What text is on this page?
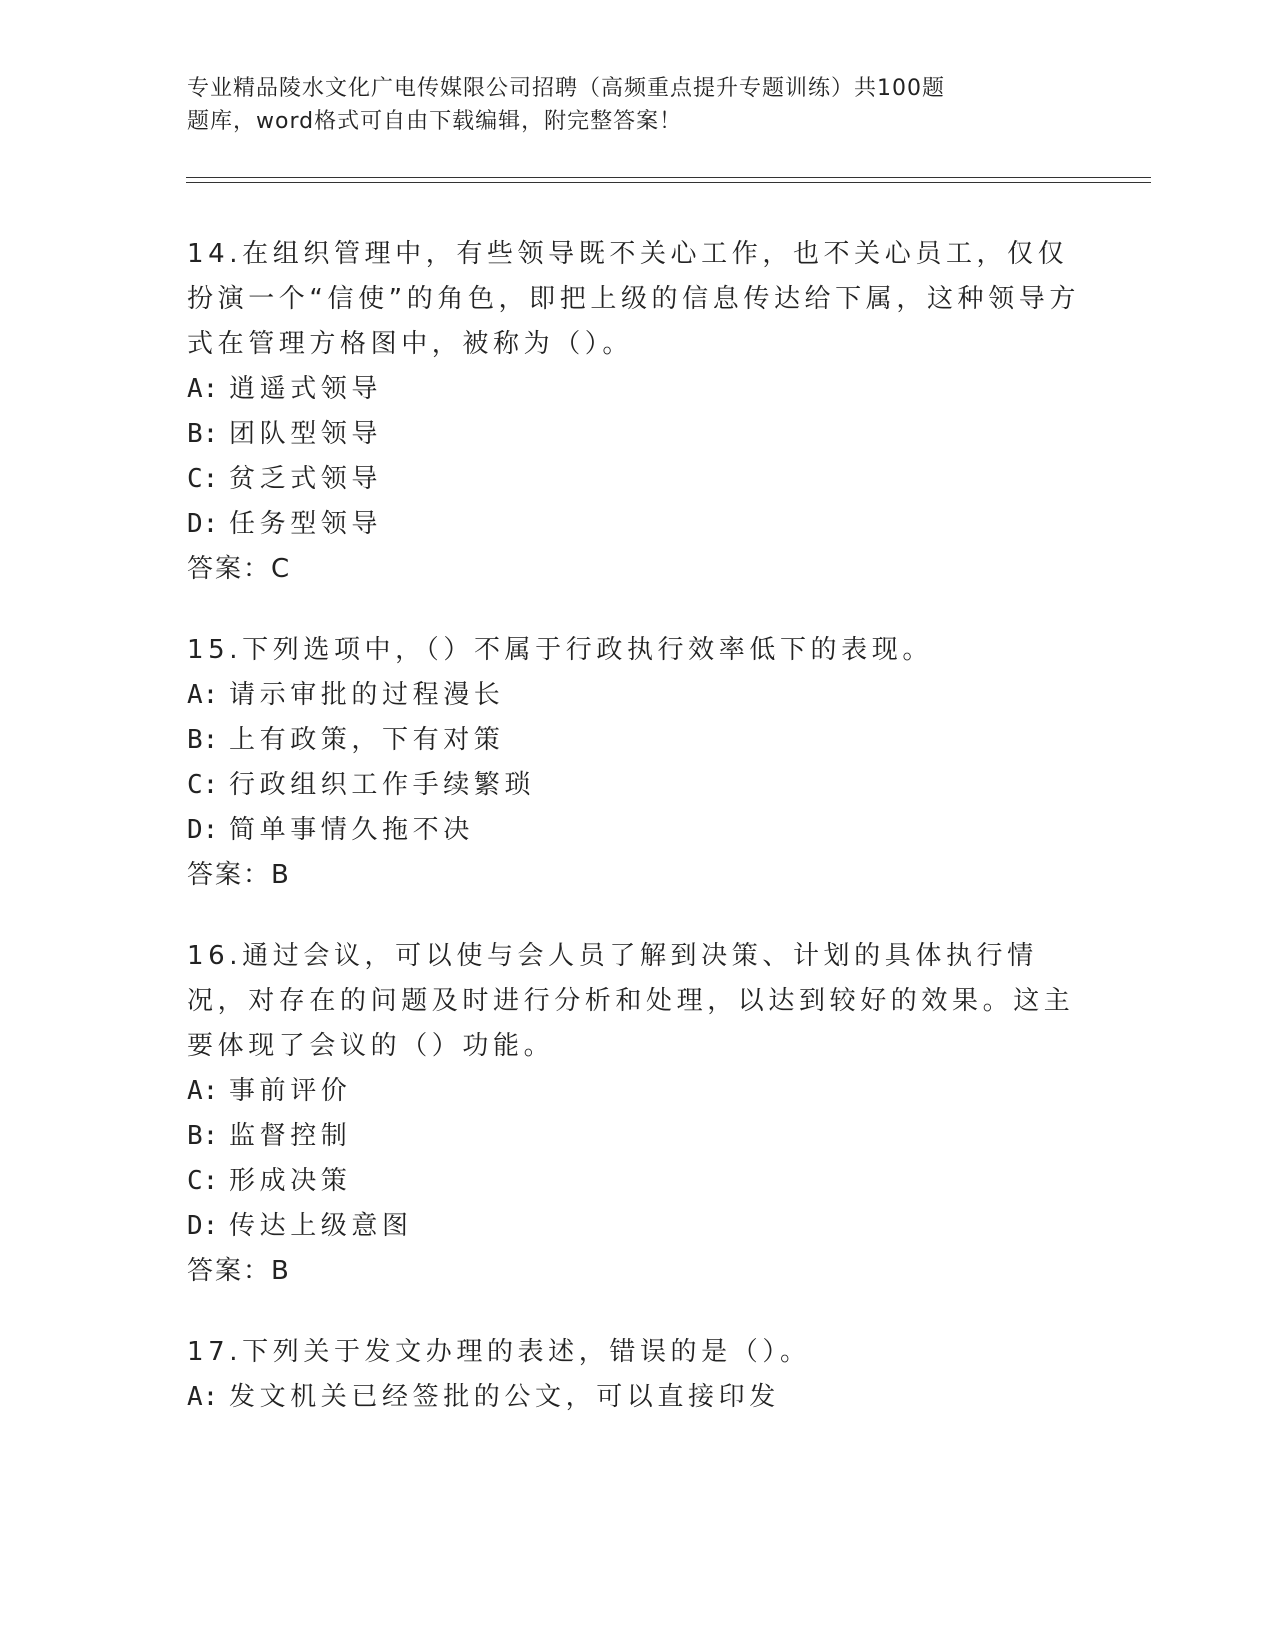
专业精品陵水文化广电传媒限公司招聘（高频重点提升专题训练）共100题
题库，word格式可自由下载编辑，附完整答案！

14.在组织管理中，有些领导既不关心工作，也不关心员工，仅仅扮演一个“信使”的角色，即把上级的信息传达给下属，这种领导方式在管理方格图中，被称为（）。

A: 逍遥式领导
B: 团队型领导
C: 贫乏式领导
D: 任务型领导
答案：C

15.下列选项中，（）不属于行政执行效率低下的表现。

A: 请示审批的过程漫长
B: 上有政策，下有对策
C: 行政组织工作手续繁琐
D: 简单事情久拖不决
答案：B

16.通过会议，可以使与会人员了解到决策、计划的具体执行情况，对存在的问题及时进行分析和处理，以达到较好的效果。这主要体现了会议的（）功能。

A: 事前评价
B: 监督控制
C: 形成决策
D: 传达上级意图
答案：B

17.下列关于发文办理的表述，错误的是（）。

A: 发文机关已经签批的公文，可以直接印发
